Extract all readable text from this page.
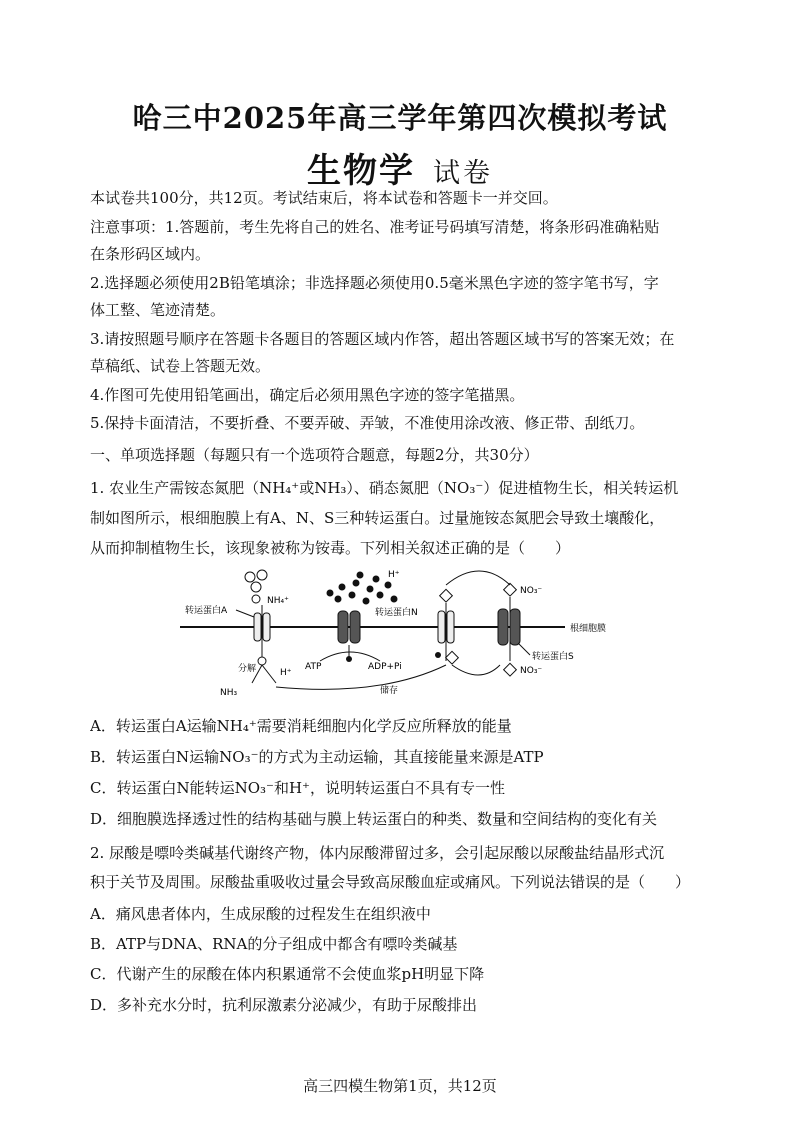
哈三中2025年高三学年第四次模拟考试
生物学 试卷
本试卷共100分，共12页。考试结束后，将本试卷和答题卡一并交回。
注意事项：1.答题前，考生先将自己的姓名、准考证号码填写清楚，将条形码准确粘贴
在条形码区域内。
2.选择题必须使用2B铅笔填涂；非选择题必须使用0.5毫米黑色字迹的签字笔书写，字
体工整、笔迹清楚。
3.请按照题号顺序在答题卡各题目的答题区域内作答，超出答题区域书写的答案无效；在
草稿纸、试卷上答题无效。
4.作图可先使用铅笔画出，确定后必须用黑色字迹的签字笔描黑。
5.保持卡面清洁，不要折叠、不要弄破、弄皱，不准使用涂改液、修正带、刮纸刀。
一、单项选择题（每题只有一个选项符合题意，每题2分，共30分）
1. 农业生产需铵态氮肥（NH₄⁺或NH₃）、硝态氮肥（NO₃⁻）促进植物生长，相关转运机
制如图所示，根细胞膜上有A、N、S三种转运蛋白。过量施铵态氮肥会导致土壤酸化，
从而抑制植物生长，该现象被称为铵毒。下列相关叙述正确的是（　　）
根细胞膜
转运蛋白A
NH₄⁺
分解
NH₃
H⁺
H⁺
ATP	ADP+Pi
转运蛋白N
储存
NO₃⁻
NO₃⁻
转运蛋白S
A．转运蛋白A运输NH₄⁺需要消耗细胞内化学反应所释放的能量
B．转运蛋白N运输NO₃⁻的方式为主动运输，其直接能量来源是ATP
C．转运蛋白N能转运NO₃⁻和H⁺，说明转运蛋白不具有专一性
D．细胞膜选择透过性的结构基础与膜上转运蛋白的种类、数量和空间结构的变化有关
2. 尿酸是嘌呤类碱基代谢终产物，体内尿酸滞留过多，会引起尿酸以尿酸盐结晶形式沉
积于关节及周围。尿酸盐重吸收过量会导致高尿酸血症或痛风。下列说法错误的是（　　）
A．痛风患者体内，生成尿酸的过程发生在组织液中
B．ATP与DNA、RNA的分子组成中都含有嘌呤类碱基
C．代谢产生的尿酸在体内积累通常不会使血浆pH明显下降
D．多补充水分时，抗利尿激素分泌减少，有助于尿酸排出
高三四模生物第1页，共12页
